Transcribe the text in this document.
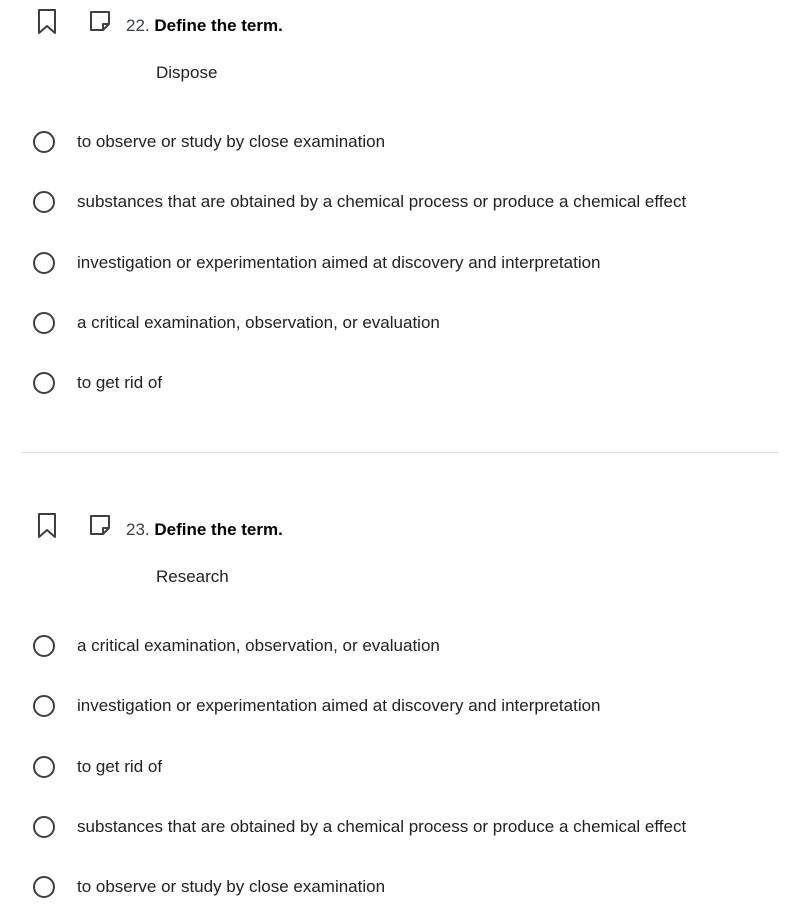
22. Define the term.
Dispose
to observe or study by close examination
substances that are obtained by a chemical process or produce a chemical effect
investigation or experimentation aimed at discovery and interpretation
a critical examination, observation, or evaluation
to get rid of
23. Define the term.
Research
a critical examination, observation, or evaluation
investigation or experimentation aimed at discovery and interpretation
to get rid of
substances that are obtained by a chemical process or produce a chemical effect
to observe or study by close examination
